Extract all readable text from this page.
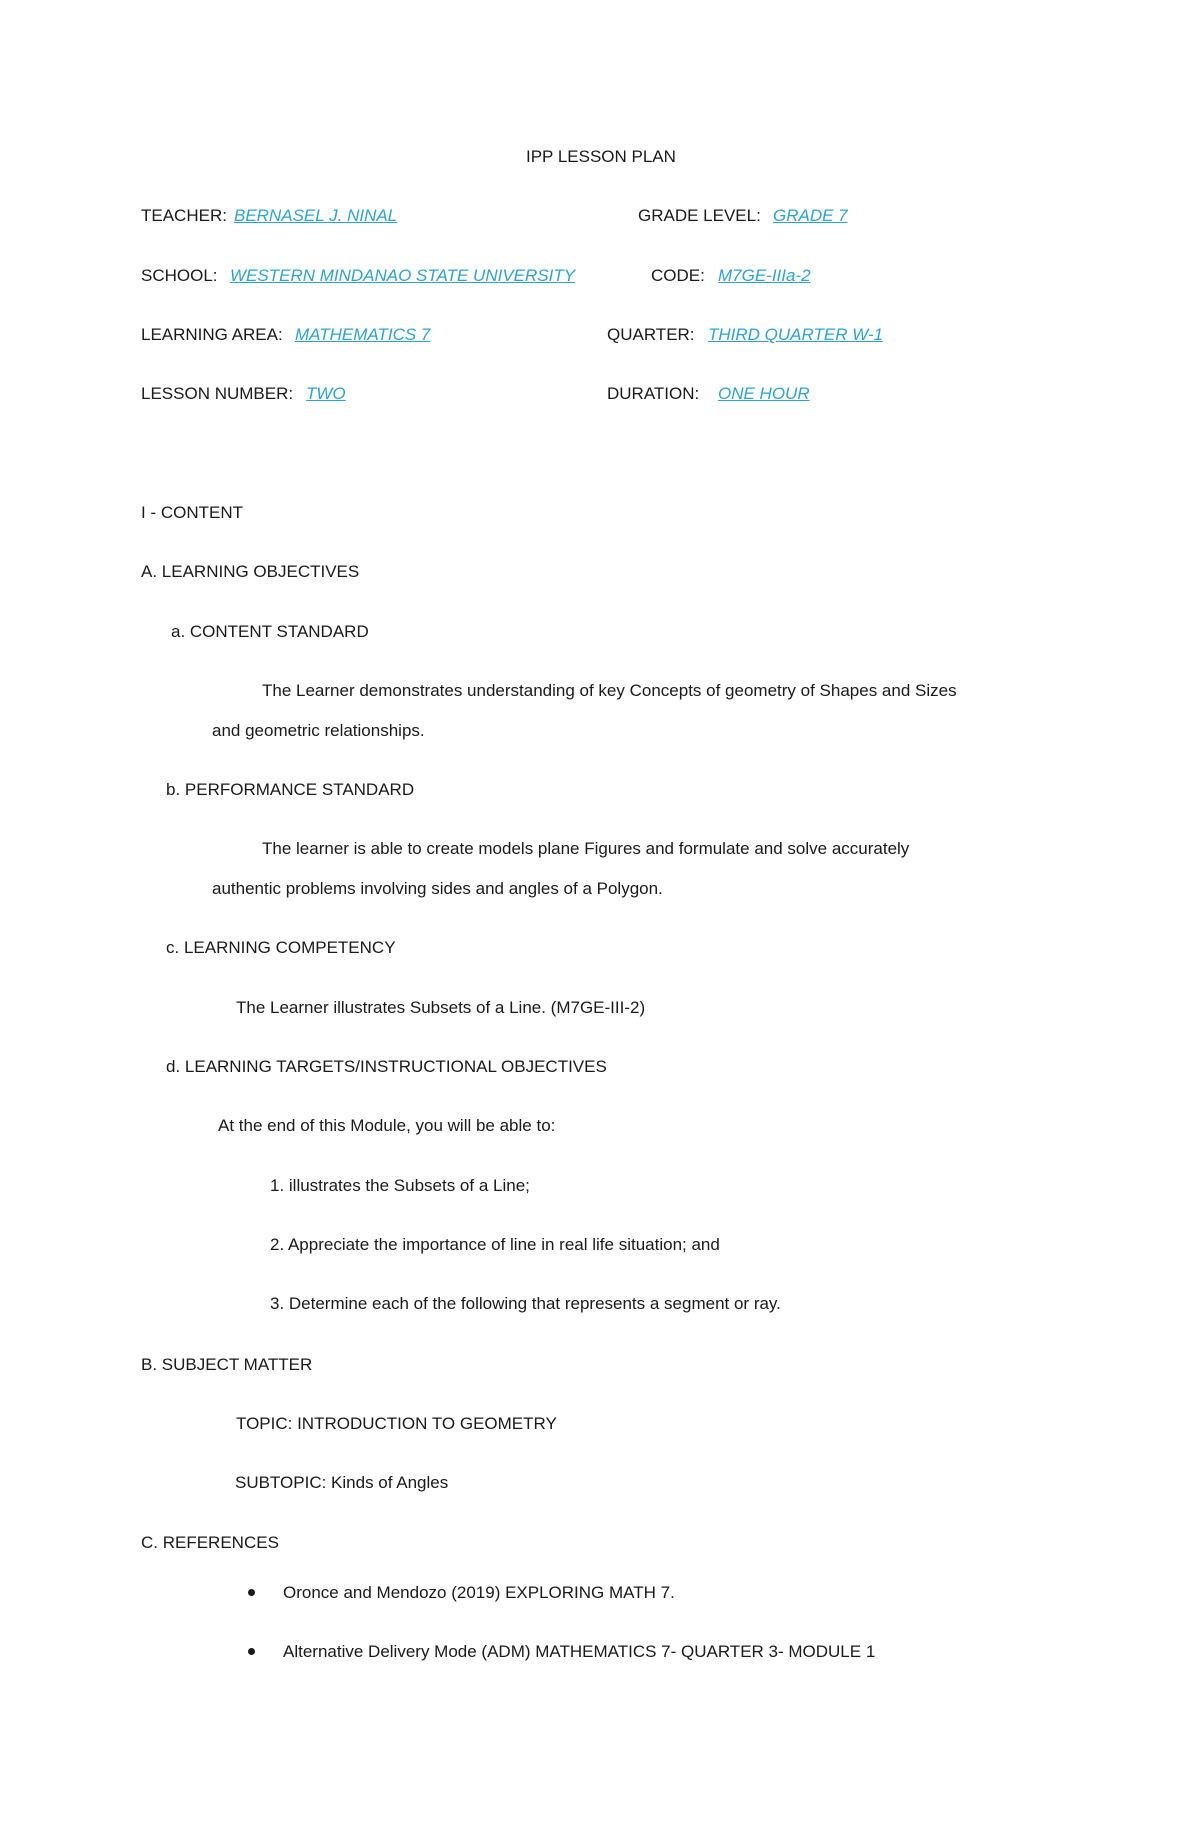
IPP LESSON PLAN
TEACHER: BERNASEL J. NINAL	GRADE LEVEL: GRADE 7
SCHOOL: WESTERN MINDANAO STATE UNIVERSITY	CODE: M7GE-IIIa-2
LEARNING AREA: MATHEMATICS 7	QUARTER: THIRD QUARTER W-1
LESSON NUMBER: TWO	DURATION: ONE HOUR
I - CONTENT
A. LEARNING OBJECTIVES
a. CONTENT STANDARD
The Learner demonstrates understanding of key Concepts of geometry of Shapes and Sizes
and geometric relationships.
b. PERFORMANCE STANDARD
The learner is able to create models plane Figures and formulate and solve accurately
authentic problems involving sides and angles of a Polygon.
c. LEARNING COMPETENCY
The Learner illustrates Subsets of a Line. (M7GE-III-2)
d. LEARNING TARGETS/INSTRUCTIONAL OBJECTIVES
At the end of this Module, you will be able to:
1. illustrates the Subsets of a Line;
2. Appreciate the importance of line in real life situation; and
3. Determine each of the following that represents a segment or ray.
B. SUBJECT MATTER
TOPIC: INTRODUCTION TO GEOMETRY
SUBTOPIC: Kinds of Angles
C. REFERENCES
Oronce and Mendozo (2019) EXPLORING MATH 7.
Alternative Delivery Mode (ADM) MATHEMATICS 7- QUARTER 3- MODULE 1
